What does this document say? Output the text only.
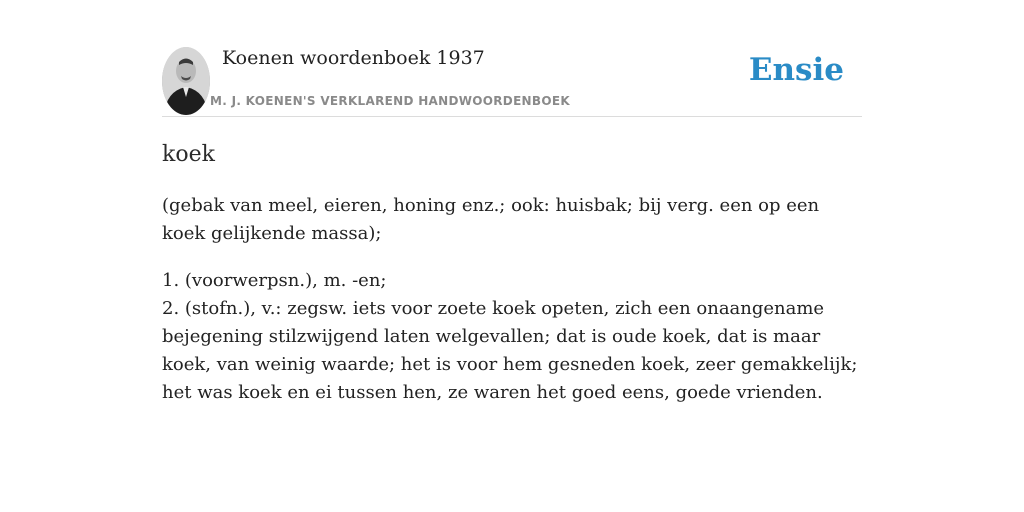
Koenen woordenboek 1937
M. J. KOENEN'S VERKLAREND HANDWOORDENBOEK
Ensie
koek

(gebak van meel, eieren, honing enz.; ook: huisbak; bij verg. een op een koek gelijkende massa);

1. (voorwerpsn.), m. -en;
2. (stofn.), v.: zegsw. iets voor zoete koek opeten, zich een onaangename bejegening stilzwijgend laten welgevallen; dat is oude koek, dat is maar koek, van weinig waarde; het is voor hem gesneden koek, zeer gemakkelijk; het was koek en ei tussen hen, ze waren het goed eens, goede vrienden.
